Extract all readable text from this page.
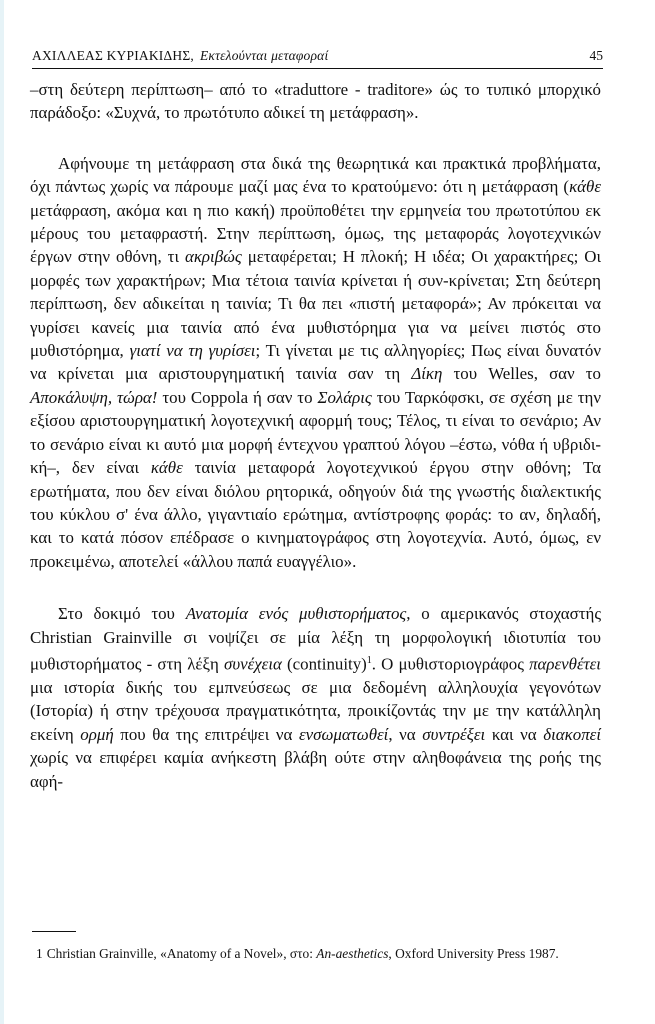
ΑΧΙΛΛΕΑΣ ΚΥΡΙΑΚΙΔΗΣ, Εκτελούνται μεταφοραί	45

–στη δεύτερη περίπτωση– από το «traduttore - traditore» ώς το τυπικό μπορχικό παράδοξο: «Συχνά, το πρωτότυπο αδικεί τη μετάφραση».

Αφήνουμε τη μετάφραση στα δικά της θεωρητικά και πρακτικά προβλήματα, όχι πάντως χωρίς να πάρουμε μαζί μας ένα το κρατούμενο: ότι η μετάφραση (κάθε μετάφραση, ακόμα και η πιο κακή) προϋποθέτει την ερμηνεία του πρωτοτύπου εκ μέρους του μεταφραστή. Στην περίπτωση, όμως, της μεταφοράς λογοτεχνικών έργων στην οθόνη, τι ακριβώς μεταφέρεται; Η πλοκή; Η ιδέα; Οι χαρακτήρες; Οι μορφές των χαρακτήρων; Μια τέτοια ταινία κρίνεται ή συν-κρίνεται; Στη δεύτερη περίπτωση, δεν αδικείται η ταινία; Τι θα πει «πιστή μεταφορά»; Αν πρόκειται να γυρίσει κανείς μια ταινία από ένα μυθιστόρημα για να μείνει πιστός στο μυθιστόρημα, γιατί να τη γυρίσει; Τι γίνεται με τις αλληγορίες; Πως είναι δυνατόν να κρίνεται μια αριστουργηματική ταινία σαν τη Δίκη του Welles, σαν το Αποκάλυψη, τώρα! του Coppola ή σαν το Σολάρις του Ταρκόφσκι, σε σχέση με την εξίσου αριστουργηματική λογοτεχνική αφορμή τους; Τέλος, τι είναι το σενάριο; Αν το σενάριο είναι κι αυτό μια μορφή έντεχνου γραπτού λόγου –έστω, νόθα ή υβριδική–, δεν είναι κάθε ταινία μεταφορά λογοτεχνικού έργου στην οθόνη; Τα ερωτήματα, που δεν είναι διόλου ρητορικά, οδηγούν διά της γνωστής διαλεκτικής του κύκλου σ' ένα άλλο, γιγαντιαίο ερώτημα, αντίστροφης φοράς: το αν, δηλαδή, και το κατά πόσον επέδρασε ο κινηματογράφος στη λογοτεχνία. Αυτό, όμως, εν προκειμένω, αποτελεί «άλλου παπά ευαγγέλιο».

Στο δοκιμό του Ανατομία ενός μυθιστορήματος, ο αμερικανός στοχαστής Christian Grainville σι νοψίζει σε μία λέξη τη μορφολογική ιδιοτυπία του μυθιστορήματος - στη λέξη συνέχεια (continuity)$^1$. Ο μυθιστοριογράφος παρενθέτει μια ιστορία δικής του εμπνεύσεως σε μια δεδομένη αλληλουχία γεγονότων (Ιστορία) ή στην τρέχουσα πραγματικότητα, προικίζοντάς την με την κατάλληλη εκείνη ορμή που θα της επιτρέψει να ενσωματωθεί, να συντρέξει και να διακοπεί χωρίς να επιφέρει καμία ανήκεστη βλάβη ούτε στην αληθοφάνεια της ροής της αφή-

1 Christian Grainville, «Anatomy of a Novel», στο: An-aesthetics, Oxford University Press 1987.
